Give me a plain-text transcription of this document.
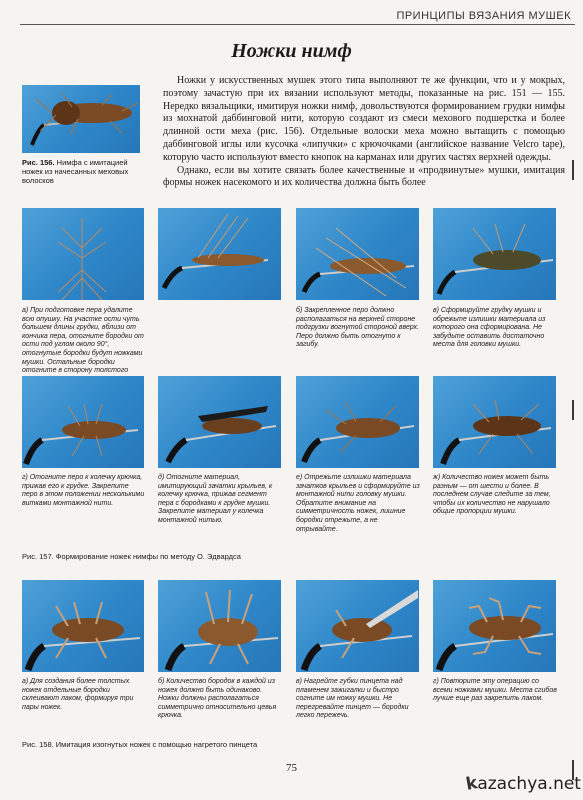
ПРИНЦИПЫ ВЯЗАНИЯ МУШЕК
Ножки нимф
Рис. 156. Нимфа с имитацией ножек из начесанных меховых волосков

Ножки у искусственных мушек этого типа выполняют те же функции, что и у мокрых, поэтому зачастую при их вязании используют методы, показанные на рис. 151 — 155. Нередко вязальщики, имитируя ножки нимф, довольствуются формированием грудки нимфы из мохнатой даббинговой нити, которую создают из смеси мехового подшерстка и более длинной ости меха (рис. 156). Отдельные волоски меха можно вытащить с помощью даббинговой иглы или кусочка «липучки» с крючочками (английское название Velcro tape), которую часто используют вместо кнопок на карманах или других частях верхней одежды.

Однако, если вы хотите связать более качественные и «продвинутые» мушки, имитация формы ножек насекомого и их количества должна быть более

а) При подготовке пера удалите всю опушку. На участке ости чуть большем длины грудки, вблизи от кончика пера, отогните бородки от ости под углом около 90°, отогнутые бородки будут ножками мушки. Остальные бородки отогните в сторону толстого
б) Закрепленное перо должно располагаться на верхней стороне подгрузки вогнутой стороной вверх. Перо должно быть отогнуто к загибу.
в) Сформируйте грудку мушки и обрежьте излишки материала из которого она сформирована. Не забудьте оставить достаточно места для головки мушки.
г) Отогните перо к колечку крючка, прижав его к грудке. Закрепите перо в этом положении несколькими витками монтажной нити.
д) Отогните материал, имитирующий зачатки крыльев, к колечку крючка, прижав сегмент пера с бородками к грудке мушки. Закрепите материал у колечка монтажной нитью.
е) Отрежьте излишки материала зачатков крыльев и сформируйте из монтажной нити головку мушки. Обратите внимание на симметричность ножек, лишние бородки отрежьте, а не отрывайте.
ж) Количество ножек может быть разным — от шести и более. В последнем случае следите за тем, чтобы их количество не нарушало общие пропорции мушки.
Рис. 157. Формирование ножек нимфы по методу О. Эдвардса
а) Для создания более толстых ножек отдельные бородки склеивают лаком, формируя три пары ножек.
б) Количество бородок в каждой из ножек должно быть одинаково. Ножки должны располагаться симметрично относительно цевья крючка.
в) Нагрейте губки пинцета над пламенем зажигалки и быстро согните им ножку мушки. Не перегревайте пинцет — бородки легко пережечь.
г) Повторите эту операцию со всеми ножками мушки. Места сгибов лучше еще раз закрепить лаком.
Рис. 158. Имитация изогнутых ножек с помощью нагретого пинцета
75
kazachya.net
